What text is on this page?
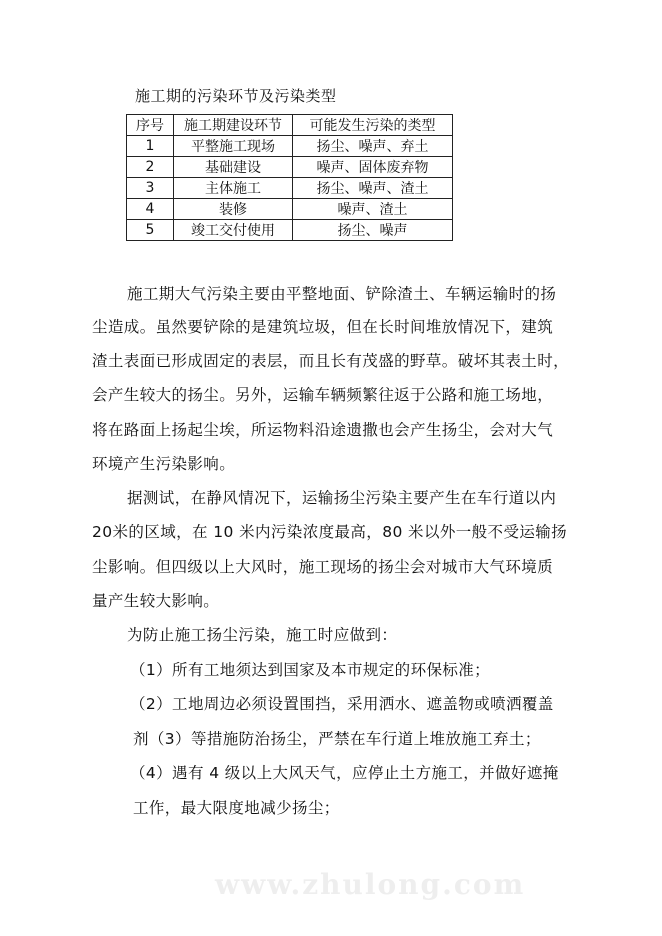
施工期的污染环节及污染类型
序号	施工期建设环节	可能发生污染的类型
1	平整施工现场	扬尘、噪声、弃土
2	基础建设	噪声、固体废弃物
3	主体施工	扬尘、噪声、渣土
4	装修	噪声、渣土
5	竣工交付使用	扬尘、噪声
施工期大气污染主要由平整地面、铲除渣土、车辆运输时的扬
尘造成。虽然要铲除的是建筑垃圾，但在长时间堆放情况下，建筑
渣土表面已形成固定的表层，而且长有茂盛的野草。破坏其表土时，
会产生较大的扬尘。另外，运输车辆频繁往返于公路和施工场地，
将在路面上扬起尘埃，所运物料沿途遗撒也会产生扬尘，会对大气
环境产生污染影响。
据测试，在静风情况下，运输扬尘污染主要产生在车行道以内
20米的区域，在 10 米内污染浓度最高，80 米以外一般不受运输扬
尘影响。但四级以上大风时，施工现场的扬尘会对城市大气环境质
量产生较大影响。
为防止施工扬尘污染，施工时应做到：
（1）所有工地须达到国家及本市规定的环保标准；
（2）工地周边必须设置围挡，采用洒水、遮盖物或喷洒覆盖
剂（3）等措施防治扬尘，严禁在车行道上堆放施工弃土；
（4）遇有 4 级以上大风天气，应停止土方施工，并做好遮掩
工作，最大限度地减少扬尘；
www.zhulong.com
